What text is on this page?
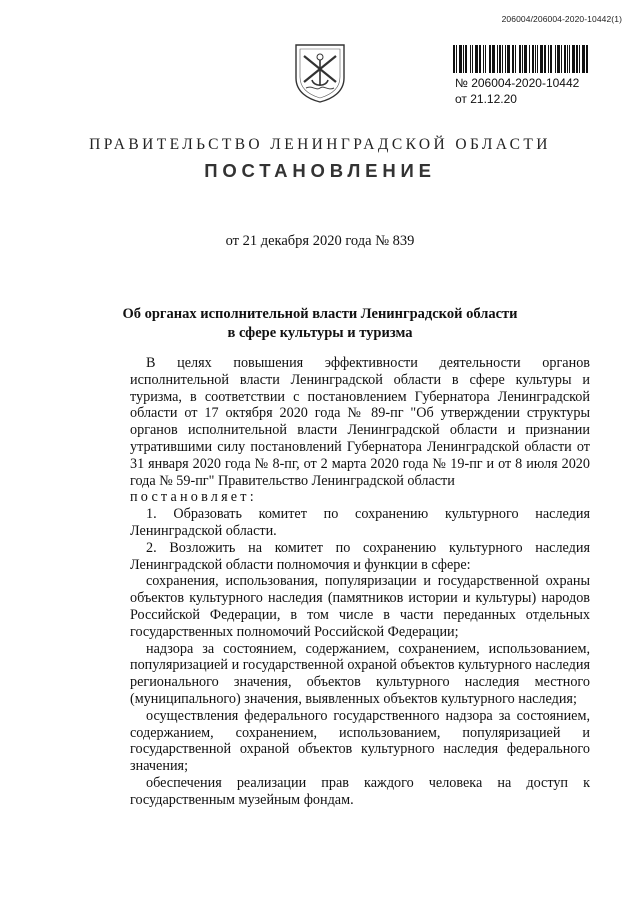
206004/206004-2020-10442(1)
№ 206004-2020-10442
от 21.12.20
ПРАВИТЕЛЬСТВО ЛЕНИНГРАДСКОЙ ОБЛАСТИ
ПОСТАНОВЛЕНИЕ
от 21 декабря 2020 года № 839
Об органах исполнительной власти Ленинградской области
в сфере культуры и туризма

В целях повышения эффективности деятельности органов исполнительной власти Ленинградской области в сфере культуры и туризма, в соответствии с постановлением Губернатора Ленинградской области от 17 октября 2020 года № 89-пг "Об утверждении структуры органов исполнительной власти Ленинградской области и признании утратившими силу постановлений Губернатора Ленинградской области от 31 января 2020 года № 8-пг, от 2 марта 2020 года № 19-пг и от 8 июля 2020 года № 59-пг" Правительство Ленинградской области

постановляет:

1. Образовать комитет по сохранению культурного наследия Ленинградской области.

2. Возложить на комитет по сохранению культурного наследия Ленинградской области полномочия и функции в сфере:

сохранения, использования, популяризации и государственной охраны объектов культурного наследия (памятников истории и культуры) народов Российской Федерации, в том числе в части переданных отдельных государственных полномочий Российской Федерации;

надзора за состоянием, содержанием, сохранением, использованием, популяризацией и государственной охраной объектов культурного наследия регионального значения, объектов культурного наследия местного (муниципального) значения, выявленных объектов культурного наследия;

осуществления федерального государственного надзора за состоянием, содержанием, сохранением, использованием, популяризацией и государственной охраной объектов культурного наследия федерального значения;

обеспечения реализации прав каждого человека на доступ к государственным музейным фондам.
